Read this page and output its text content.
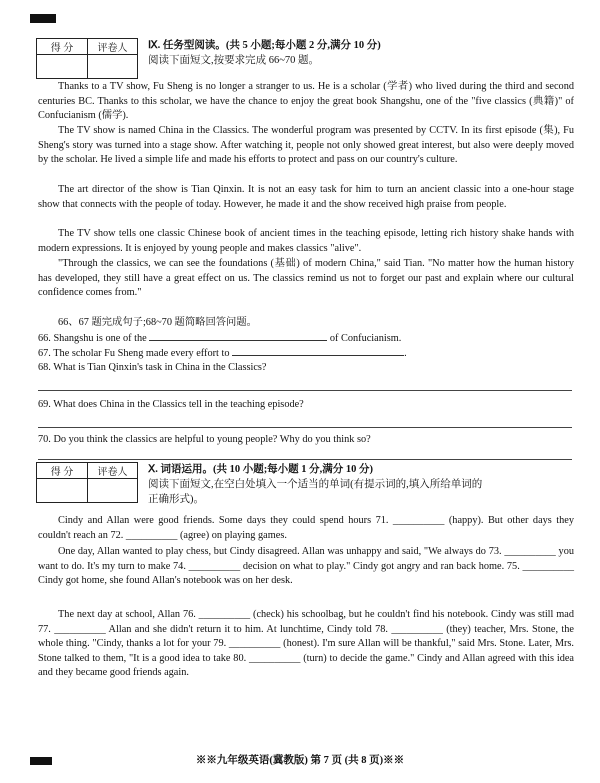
得 分	评卷人
	Ⅸ. 任务型阅读。(共 5 小题;每小题 2 分,满分 10 分)
阅读下面短文,按要求完成 66~70 题。

Thanks to a TV show, Fu Sheng is no longer a stranger to us. He is a scholar (学者) who lived during the third and second centuries BC. Thanks to this scholar, we have the chance to enjoy the great book Shangshu, one of the "five classics (典籍)" of Confucianism (儒学).

The TV show is named China in the Classics. The wonderful program was presented by CCTV. In its first episode (集), Fu Sheng's story was turned into a stage show. After watching it, people not only showed great interest, but also were deeply moved by the scholar. He lived a simple life and made his efforts to protect and pass on our country's culture.

The art director of the show is Tian Qinxin. It is not an easy task for him to turn an ancient classic into a one-hour stage show that connects with the people of today. However, he made it and the show received high praise from people.

The TV show tells one classic Chinese book of ancient times in the teaching episode, letting rich history shake hands with modern expressions. It is enjoyed by young people and makes classics "alive".

"Through the classics, we can see the foundations (基础) of modern China," said Tian. "No matter how the human history has developed, they still have a great effect on us. The classics remind us not to forget our past and explain where our cultural confidence comes from."

66、67 题完成句子;68~70 题简略回答问题。
66. Shangshu is one of the	of Confucianism.
67. The scholar Fu Sheng made every effort to	.
68. What is Tian Qinxin's task in China in the Classics?
69. What does China in the Classics tell in the teaching episode?
70. Do you think the classics are helpful to young people? Why do you think so?
得 分	评卷人
	Ⅹ. 词语运用。(共 10 小题;每小题 1 分,满分 10 分)
阅读下面短文,在空白处填入一个适当的单词(有提示词的,填入所给单词的
正确形式)。

Cindy and Allan were good friends. Some days they could spend hours 71. __________ (happy). But other days they couldn't reach an 72. __________ (agree) on playing games.

One day, Allan wanted to play chess, but Cindy disagreed. Allan was unhappy and said, "We always do 73. __________ you want to do. It's my turn to make 74. __________ decision on what to play." Cindy got angry and ran back home. 75. __________ Cindy got home, she found Allan's notebook was on her desk.

The next day at school, Allan 76. __________ (check) his schoolbag, but he couldn't find his notebook. Cindy was still mad 77. __________ Allan and she didn't return it to him. At lunchtime, Cindy told 78. __________ (they) teacher, Mrs. Stone, the whole thing. "Cindy, thanks a lot for your 79. __________ (honest). I'm sure Allan will be thankful," said Mrs. Stone. Later, Mrs. Stone talked to them, "It is a good idea to take 80. __________ (turn) to decide the game." Cindy and Allan agreed with this idea and they became good friends again.

※※九年级英语(冀教版) 第 7 页 (共 8 页)※※
